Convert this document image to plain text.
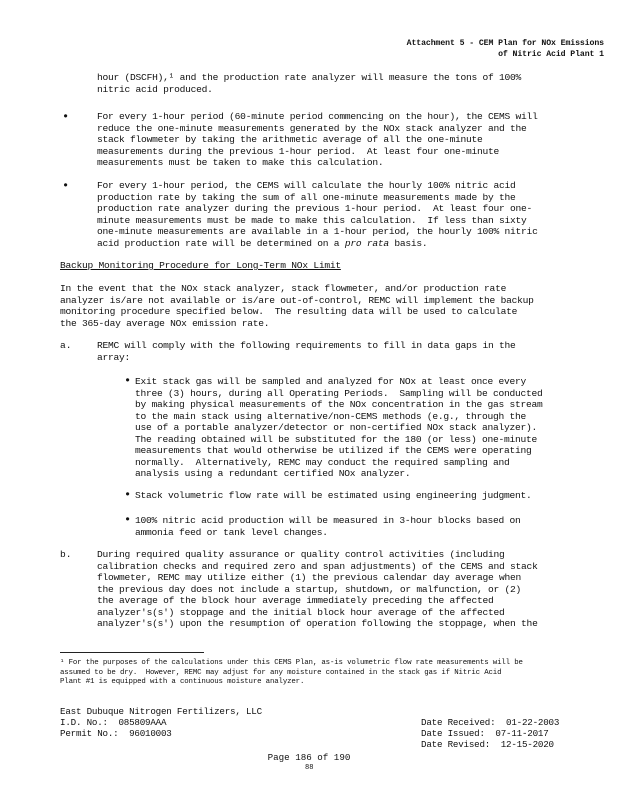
Attachment 5 - CEM Plan for NOx Emissions
of Nitric Acid Plant 1
hour (DSCFH),¹ and the production rate analyzer will measure the tons of 100%
nitric acid produced.
•	For every 1-hour period (60-minute period commencing on the hour), the CEMS will
reduce the one-minute measurements generated by the NOx stack analyzer and the
stack flowmeter by taking the arithmetic average of all the one-minute
measurements during the previous 1-hour period.  At least four one-minute
measurements must be taken to make this calculation.
•	For every 1-hour period, the CEMS will calculate the hourly 100% nitric acid
production rate by taking the sum of all one-minute measurements made by the
production rate analyzer during the previous 1-hour period.  At least four one-
minute measurements must be made to make this calculation.  If less than sixty
one-minute measurements are available in a 1-hour period, the hourly 100% nitric
acid production rate will be determined on a pro rata basis.
Backup Monitoring Procedure for Long-Term NOx Limit
In the event that the NOx stack analyzer, stack flowmeter, and/or production rate
analyzer is/are not available or is/are out-of-control, REMC will implement the backup
monitoring procedure specified below.  The resulting data will be used to calculate
the 365-day average NOx emission rate.
a.	REMC will comply with the following requirements to fill in data gaps in the
array:
• Exit stack gas will be sampled and analyzed for NOx at least once every
three (3) hours, during all Operating Periods.  Sampling will be conducted
by making physical measurements of the NOx concentration in the gas stream
to the main stack using alternative/non-CEMS methods (e.g., through the
use of a portable analyzer/detector or non-certified NOx stack analyzer).
The reading obtained will be substituted for the 180 (or less) one-minute
measurements that would otherwise be utilized if the CEMS were operating
normally.  Alternatively, REMC may conduct the required sampling and
analysis using a redundant certified NOx analyzer.
• Stack volumetric flow rate will be estimated using engineering judgment.
• 100% nitric acid production will be measured in 3-hour blocks based on
ammonia feed or tank level changes.
b.	During required quality assurance or quality control activities (including
calibration checks and required zero and span adjustments) of the CEMS and stack
flowmeter, REMC may utilize either (1) the previous calendar day average when
the previous day does not include a startup, shutdown, or malfunction, or (2)
the average of the block hour average immediately preceding the affected
analyzer's(s') stoppage and the initial block hour average of the affected
analyzer's(s') upon the resumption of operation following the stoppage, when the
¹ For the purposes of the calculations under this CEMS Plan, as-is volumetric flow rate measurements will be
assumed to be dry.  However, REMC may adjust for any moisture contained in the stack gas if Nitric Acid
Plant #1 is equipped with a continuous moisture analyzer.
East Dubuque Nitrogen Fertilizers, LLC
I.D. No.:  085809AAA
Permit No.:  96010003
Date Received:  01-22-2003
Date Issued:  07-11-2017
Date Revised:  12-15-2020
Page 186 of 190
88
